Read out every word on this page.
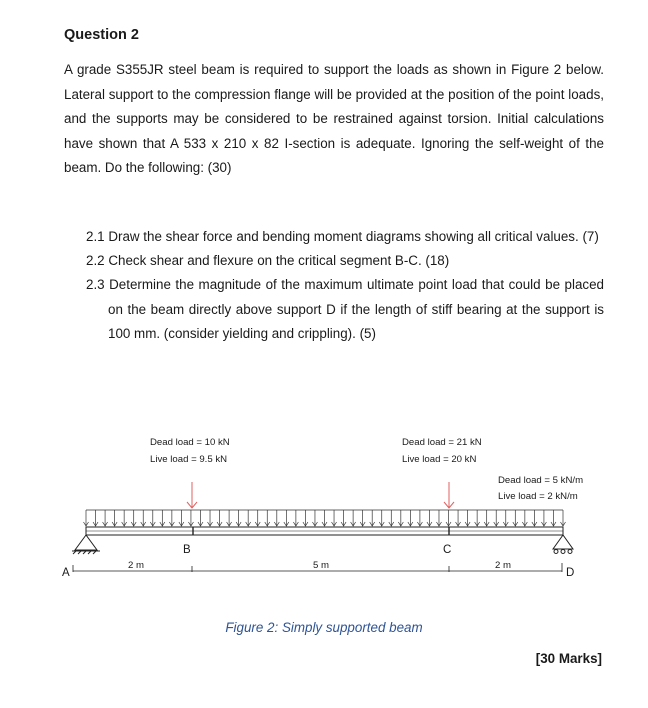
Question 2

A grade S355JR steel beam is required to support the loads as shown in Figure 2 below. Lateral support to the compression flange will be provided at the position of the point loads, and the supports may be considered to be restrained against torsion. Initial calculations have shown that A 533 x 210 x 82 I-section is adequate. Ignoring the self-weight of the beam. Do the following: (30)

2.1 Draw the shear force and bending moment diagrams showing all critical values. (7)
2.2 Check shear and flexure on the critical segment B-C. (18)
2.3 Determine the magnitude of the maximum ultimate point load that could be placed on the beam directly above support D if the length of stiff bearing at the support is 100 mm. (consider yielding and crippling). (5)
Dead load = 10 kN
Live load = 9.5 kN
Dead load = 21 kN
Live load = 20 kN
Dead load = 5 kN/m
Live load = 2 kN/m
B	C
A	D
2 m	5 m	2 m
Figure 2: Simply supported beam
[30 Marks]
